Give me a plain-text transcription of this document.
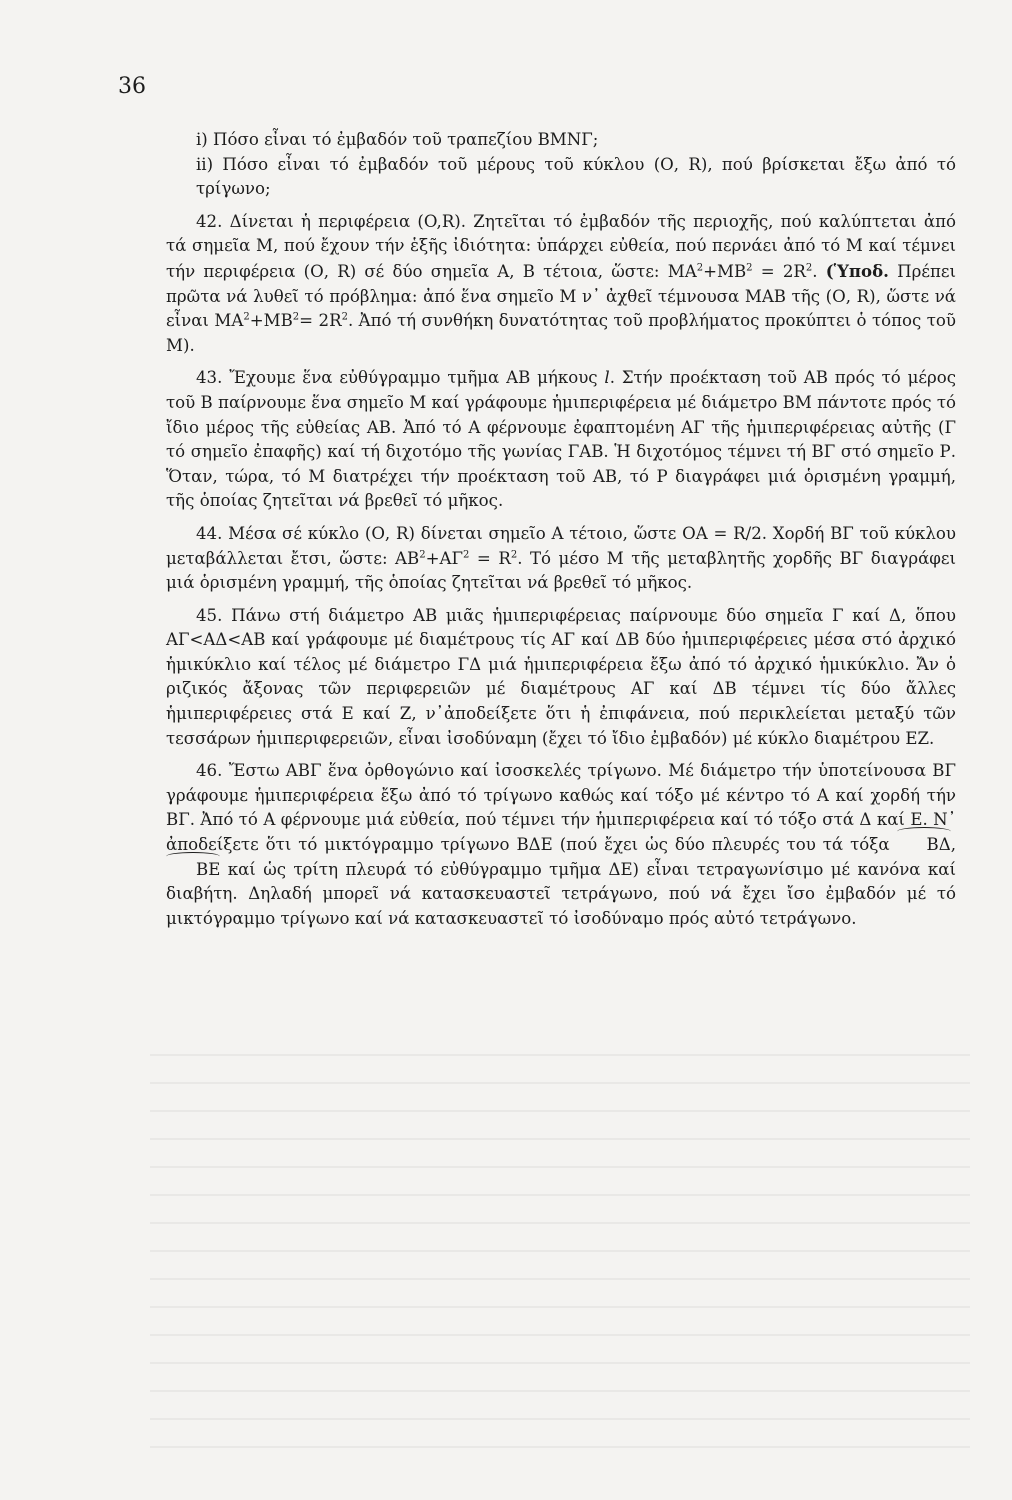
36

i) Πόσο εἶναι τό ἐμβαδόν τοῦ τραπεζίου ΒΜΝΓ;

ii) Πόσο εἶναι τό ἐμβαδόν τοῦ μέρους τοῦ κύκλου (Ο, R), πού βρίσκεται ἔξω ἀπό τό τρίγωνο;

42. Δίνεται ἡ περιφέρεια (O,R). Ζητεῖται τό ἐμβαδόν τῆς περιοχῆς, πού καλύπτεται ἀπό τά σημεῖα Μ, πού ἔχουν τήν ἑξῆς ἰδιότητα: ὑπάρχει εὐθεία, πού περνάει ἀπό τό Μ καί τέμνει τήν περιφέρεια (Ο, R) σέ δύο σημεῖα Α, Β τέτοια, ὥστε: $MA^2+MB^2 = 2R^2$. (Ὑποδ. Πρέπει πρῶτα νά λυθεῖ τό πρόβλημα: ἀπό ἕνα σημεῖο Μ ν᾽ ἀχθεῖ τέμνουσα ΜΑΒ τῆς (Ο, R), ὥστε νά εἶναι $MA^2+MB^2= 2R^2$. Ἀπό τή συνθήκη δυνατότητας τοῦ προβλήματος προκύπτει ὁ τόπος τοῦ Μ).

43. Ἔχουμε ἕνα εὐθύγραμμο τμῆμα ΑΒ μήκους l. Στήν προέκταση τοῦ ΑΒ πρός τό μέρος τοῦ Β παίρνουμε ἕνα σημεῖο Μ καί γράφουμε ἡμιπεριφέρεια μέ διάμετρο ΒΜ πάντοτε πρός τό ἴδιο μέρος τῆς εὐθείας ΑΒ. Ἀπό τό Α φέρνουμε ἐφαπτομένη ΑΓ τῆς ἡμιπεριφέρειας αὐτῆς (Γ τό σημεῖο ἐπαφῆς) καί τή διχοτόμο τῆς γωνίας ΓΑΒ. Ἡ διχοτόμος τέμνει τή ΒΓ στό σημεῖο Ρ. Ὅταν, τώρα, τό Μ διατρέχει τήν προέκταση τοῦ ΑΒ, τό Ρ διαγράφει μιά ὁρισμένη γραμμή, τῆς ὁποίας ζητεῖται νά βρεθεῖ τό μῆκος.

44. Μέσα σέ κύκλο (Ο, R) δίνεται σημεῖο Α τέτοιο, ὥστε ΟΑ = R/2. Χορδή ΒΓ τοῦ κύκλου μεταβάλλεται ἔτσι, ὥστε: $AB^2+A\Gamma^2 = R^2$. Τό μέσο Μ τῆς μεταβλητῆς χορδῆς ΒΓ διαγράφει μιά ὁρισμένη γραμμή, τῆς ὁποίας ζητεῖται νά βρεθεῖ τό μῆκος.

45. Πάνω στή διάμετρο ΑΒ μιᾶς ἡμιπεριφέρειας παίρνουμε δύο σημεῖα Γ καί Δ, ὅπου ΑΓ<ΑΔ<ΑΒ καί γράφουμε μέ διαμέτρους τίς ΑΓ καί ΔΒ δύο ἡμιπεριφέρειες μέσα στό ἀρχικό ἡμικύκλιο καί τέλος μέ διάμετρο ΓΔ μιά ἡμιπεριφέρεια ἔξω ἀπό τό ἀρχικό ἡμικύκλιο. Ἄν ὁ ριζικός ἄξονας τῶν περιφερειῶν μέ διαμέτρους ΑΓ καί ΔΒ τέμνει τίς δύο ἄλλες ἡμιπεριφέρειες στά Ε καί Ζ, ν᾽ἀποδείξετε ὅτι ἡ ἐπιφάνεια, πού περικλείεται μεταξύ τῶν τεσσάρων ἡμιπεριφερειῶν, εἶναι ἰσοδύναμη (ἔχει τό ἴδιο ἐμβαδόν) μέ κύκλο διαμέτρου ΕΖ.

46. Ἔστω ΑΒΓ ἕνα ὀρθογώνιο καί ἰσοσκελές τρίγωνο. Μέ διάμετρο τήν ὑποτείνουσα ΒΓ γράφουμε ἡμιπεριφέρεια ἔξω ἀπό τό τρίγωνο καθώς καί τόξο μέ κέντρο τό Α καί χορδή τήν ΒΓ. Ἀπό τό Α φέρνουμε μιά εὐθεία, πού τέμνει τήν ἡμιπεριφέρεια καί τό τόξο στά Δ καί Ε. Ν᾽ ἀποδείξετε ὅτι τό μικτόγραμμο τρίγωνο ΒΔΕ (πού ἔχει ὡς δύο πλευρές του τά τόξα ΒΔ, ΒΕ καί ὡς τρίτη πλευρά τό εὐθύγραμμο τμῆμα ΔΕ) εἶναι τετραγωνίσιμο μέ κανόνα καί διαβήτη. Δηλαδή μπορεῖ νά κατασκευαστεῖ τετράγωνο, πού νά ἔχει ἴσο ἐμβαδόν μέ τό μικτόγραμμο τρίγωνο καί νά κατασκευαστεῖ τό ἰσοδύναμο πρός αὐτό τετράγωνο.
